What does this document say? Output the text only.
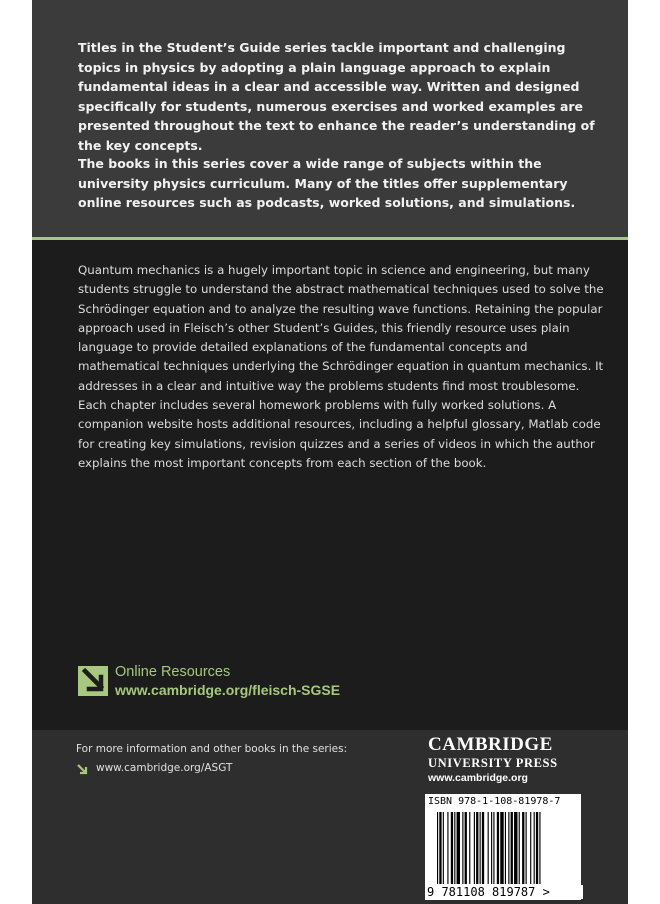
Titles in the Student’s Guide series tackle important and challenging topics in physics by adopting a plain language approach to explain fundamental ideas in a clear and accessible way. Written and designed specifically for students, numerous exercises and worked examples are presented throughout the text to enhance the reader’s understanding of the key concepts.

The books in this series cover a wide range of subjects within the university physics curriculum. Many of the titles offer supplementary online resources such as podcasts, worked solutions, and simulations.

Quantum mechanics is a hugely important topic in science and engineering, but many students struggle to understand the abstract mathematical techniques used to solve the Schrödinger equation and to analyze the resulting wave functions. Retaining the popular approach used in Fleisch’s other Student’s Guides, this friendly resource uses plain language to provide detailed explanations of the fundamental concepts and mathematical techniques underlying the Schrödinger equation in quantum mechanics. It addresses in a clear and intuitive way the problems students find most troublesome. Each chapter includes several homework problems with fully worked solutions. A companion website hosts additional resources, including a helpful glossary, Matlab code for creating key simulations, revision quizzes and a series of videos in which the author explains the most important concepts from each section of the book.

Online Resources
www.cambridge.org/fleisch-SGSE
For more information and other books in the series:
www.cambridge.org/ASGT
CAMBRIDGE
UNIVERSITY PRESS
www.cambridge.org
ISBN 978-1-108-81978-7
9 781108 819787 >
